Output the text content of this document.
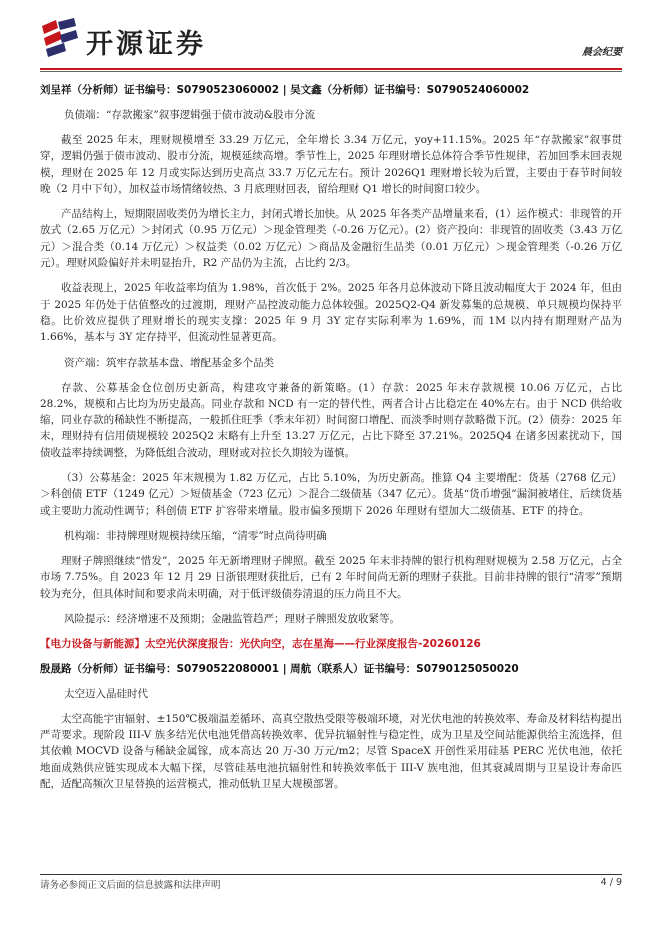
开源证券	晨会纪要
刘呈祥（分析师）证书编号：S0790523060002 | 吴文鑫（分析师）证书编号：S0790524060002
负债端：“存款搬家”叙事逻辑强于债市波动&股市分流
截至 2025 年末，理财规模增至 33.29 万亿元，全年增长 3.34 万亿元，yoy+11.15%。2025 年“存款搬家”叙事贯穿，逻辑仍强于债市波动、股市分流，规模延续高增。季节性上，2025 年理财增长总体符合季节性规律，若加回季末回表规模，理财在 2025 年 12 月或实际达到历史高点 33.7 万亿元左右。预计 2026Q1 理财增长较为后置，主要由于春节时间较晚（2 月中下旬），加权益市场情绪较热、3 月底理财回表，留给理财 Q1 增长的时间窗口较少。
产品结构上，短期限固收类仍为增长主力，封闭式增长加快。从 2025 年各类产品增量来看，(1）运作模式：非现管的开放式（2.65 万亿元）＞封闭式（0.95 万亿元）＞现金管理类（-0.26 万亿元）。(2）资产投向：非现管的固收类（3.43 万亿元）＞混合类（0.14 万亿元）＞权益类（0.02 万亿元）＞商品及金融衍生品类（0.01 万亿元）＞现金管理类（-0.26 万亿元）。理财风险偏好并未明显抬升，R2 产品仍为主流，占比约 2/3。
收益表现上，2025 年收益率均值为 1.98%，首次低于 2%。2025 年各月总体波动下降且波动幅度大于 2024 年，但由于 2025 年仍处于估值整改的过渡期，理财产品控波动能力总体较强。2025Q2-Q4 新发募集的总规模、单只规模均保持平稳。比价效应提供了理财增长的现实支撑：2025 年 9 月 3Y 定存实际利率为 1.69%，而 1M 以内持有期理财产品为 1.66%，基本与 3Y 定存持平，但流动性显著更高。
资产端：筑牢存款基本盘、增配基金多个品类
存款、公募基金仓位创历史新高，构建攻守兼备的新策略。(1）存款：2025 年末存款规模 10.06 万亿元，占比 28.2%，规模和占比均为历史最高。同业存款和 NCD 有一定的替代性，两者合计占比稳定在 40%左右。由于 NCD 供给收缩，同业存款的稀缺性不断提高，一般抓住旺季（季末年初）时间窗口增配、而淡季时则存款略微下沉。(2）债券：2025 年末，理财持有信用债规模较 2025Q2 末略有上升至 13.27 万亿元，占比下降至 37.21%。2025Q4 在诸多因素扰动下，国债收益率持续调整，为降低组合波动，理财或对拉长久期较为谨慎。
（3）公募基金：2025 年末规模为 1.82 万亿元，占比 5.10%，为历史新高。推算 Q4 主要增配：货基（2768 亿元）＞科创债 ETF（1249 亿元）＞短债基金（723 亿元）＞混合二级债基（347 亿元）。货基“货币增强”漏洞被堵住，后续货基或主要助力流动性调节；科创债 ETF 扩容带来增量。股市偏多预期下 2026 年理财有望加大二级债基、ETF 的持仓。
机构端：非持牌理财规模持续压缩，“清零”时点尚待明确
理财子牌照继续“惜发”，2025 年无新增理财子牌照。截至 2025 年末非持牌的银行机构理财规模为 2.58 万亿元，占全市场 7.75%。自 2023 年 12 月 29 日浙银理财获批后，已有 2 年时间尚无新的理财子获批。目前非持牌的银行“清零”预期较为充分，但具体时间和要求尚未明确，对于低评级债券清退的压力尚且不大。
风险提示：经济增速不及预期；金融监管趋严；理财子牌照发放收紧等。
【电力设备与新能源】太空光伏深度报告：光伏向空，志在星海——行业深度报告-20260126
殷晟路（分析师）证书编号：S0790522080001 | 周航（联系人）证书编号：S0790125050020
太空迈入晶硅时代
太空高能宇宙辐射、±150℃极端温差循环、高真空散热受限等极端环境，对光伏电池的转换效率、寿命及材料结构提出严苛要求。现阶段 III-V 族多结光伏电池凭借高转换效率、优异抗辐射性与稳定性，成为卫星及空间站能源供给主流选择，但其依赖 MOCVD 设备与稀缺金属镓，成本高达 20 万-30 万元/m2；尽管 SpaceX 开创性采用硅基 PERC 光伏电池，依托地面成熟供应链实现成本大幅下探，尽管硅基电池抗辐射性和转换效率低于 III-V 族电池，但其衰减周期与卫星设计寿命匹配，适配高频次卫星替换的运营模式，推动低轨卫星大规模部署。
请务必参阅正文后面的信息披露和法律声明	4 / 9
